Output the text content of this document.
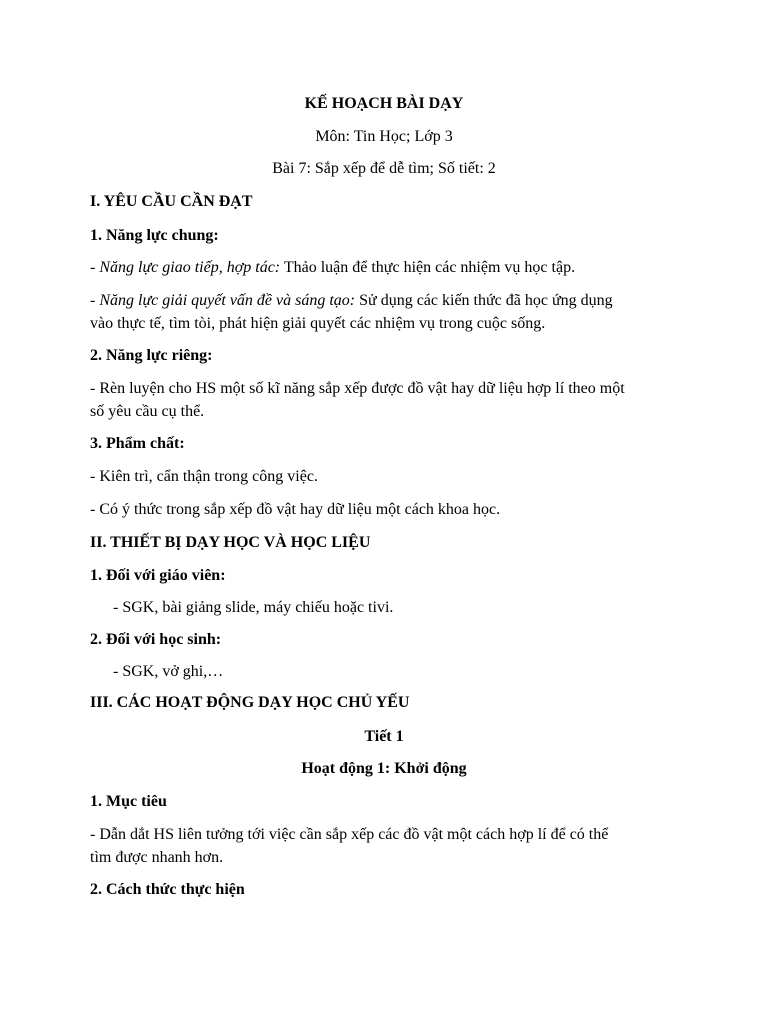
KẾ HOẠCH BÀI DẠY
Môn: Tin Học; Lớp 3
Bài 7: Sắp xếp để dễ tìm; Số tiết: 2
I. YÊU CẦU CẦN ĐẠT
1. Năng lực chung:
- Năng lực giao tiếp, hợp tác: Thảo luận để thực hiện các nhiệm vụ học tập.
- Năng lực giải quyết vấn đề và sáng tạo: Sử dụng các kiến thức đã học ứng dụng
vào thực tế, tìm tòi, phát hiện giải quyết các nhiệm vụ trong cuộc sống.
2. Năng lực riêng:
- Rèn luyện cho HS một số kĩ năng sắp xếp được đồ vật hay dữ liệu hợp lí theo một
số yêu cầu cụ thể.
3. Phẩm chất:
- Kiên trì, cẩn thận trong công việc.
- Có ý thức trong sắp xếp đồ vật hay dữ liệu một cách khoa học.
II. THIẾT BỊ DẠY HỌC VÀ HỌC LIỆU
1. Đối với giáo viên:
- SGK, bài giảng slide, máy chiếu hoặc tivi.
2. Đối với học sinh:
- SGK, vở ghi,…
III. CÁC HOẠT ĐỘNG DẠY HỌC CHỦ YẾU
Tiết 1
Hoạt động 1: Khởi động
1. Mục tiêu
- Dẫn dắt HS liên tưởng tới việc cần sắp xếp các đồ vật một cách hợp lí để có thể
tìm được nhanh hơn.
2. Cách thức thực hiện
